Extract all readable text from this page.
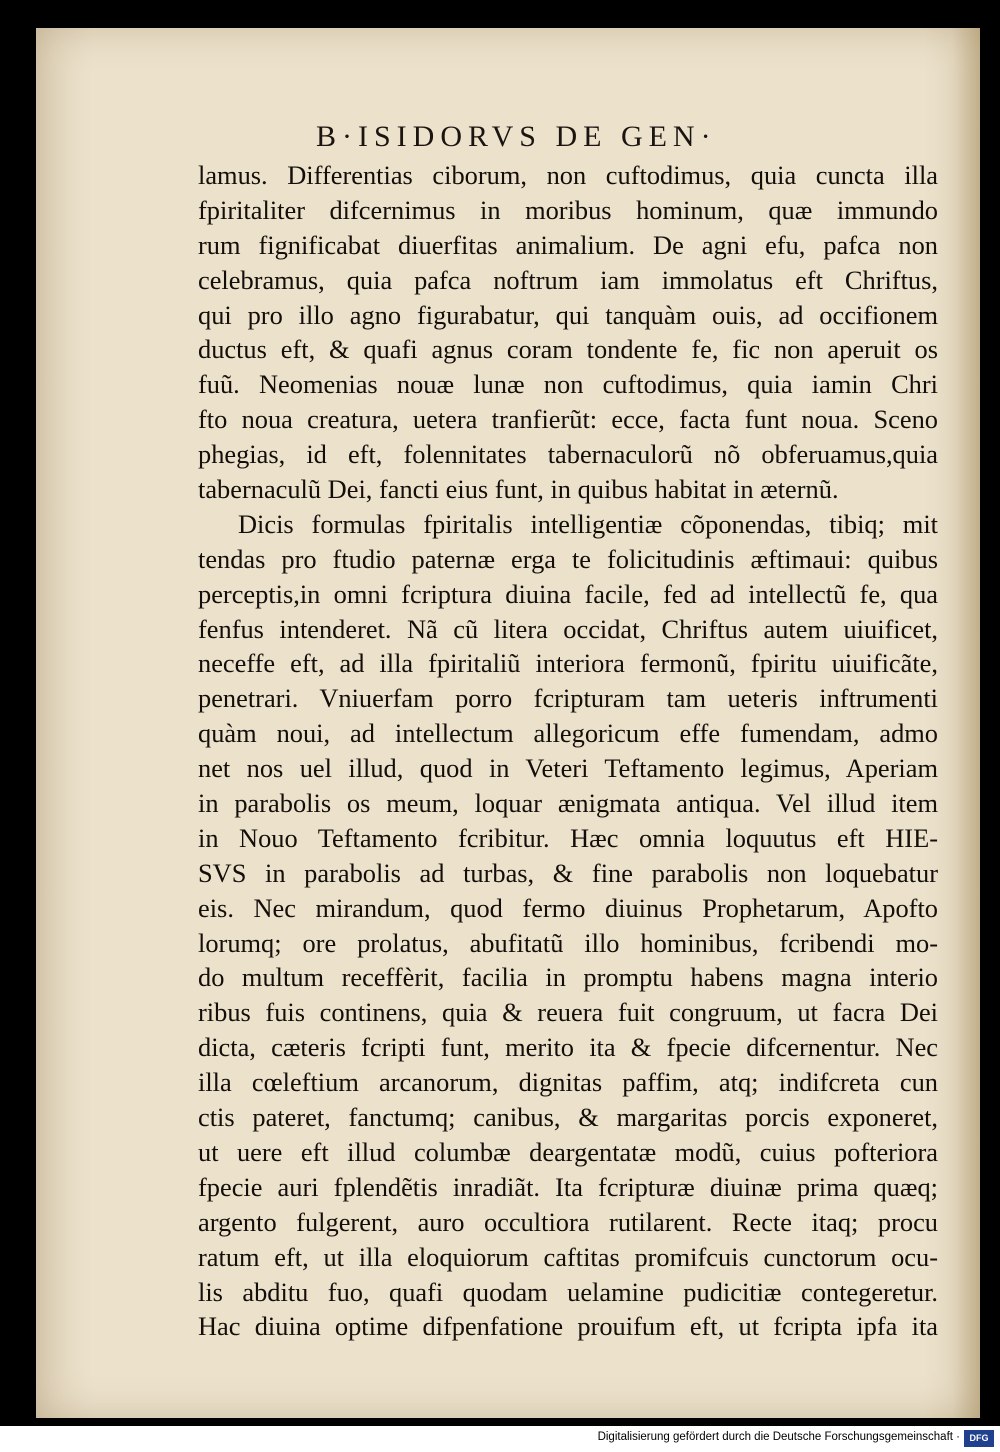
B·ISIDORVS DE GEN·
lamus. Differentias ciborum, non cuftodimus, quia cuncta illa
fpiritaliter difcernimus in moribus hominum, quæ immundo
rum fignificabat diuerfitas animalium. De agni efu, pafca non
celebramus, quia pafca noftrum iam immolatus eft Chriftus,
qui pro illo agno figurabatur, qui tanquàm ouis, ad occifionem
ductus eft, & quafi agnus coram tondente fe, fic non aperuit os
fuũ. Neomenias nouæ lunæ non cuftodimus, quia iamin Chri
fto noua creatura, uetera tranfierũt: ecce, facta funt noua. Sceno
phegias, id eft, folennitates tabernaculorũ nõ obferuamus,quia
tabernaculũ Dei, fancti eius funt, in quibus habitat in æternũ.
Dicis formulas fpiritalis intelligentiæ cõponendas, tibiq; mit
tendas pro ftudio paternæ erga te folicitudinis æftimaui: quibus
perceptis,in omni fcriptura diuina facile, fed ad intellectũ fe, qua
fenfus intenderet. Nã cũ litera occidat, Chriftus autem uiuificet,
neceffe eft, ad illa fpiritaliũ interiora fermonũ, fpiritu uiuificãte,
penetrari. Vniuerfam porro fcripturam tam ueteris inftrumenti
quàm noui, ad intellectum allegoricum effe fumendam, admo
net nos uel illud, quod in Veteri Teftamento legimus, Aperiam
in parabolis os meum, loquar ænigmata antiqua. Vel illud item
in Nouo Teftamento fcribitur. Hæc omnia loquutus eft HIE-
SVS in parabolis ad turbas, & fine parabolis non loquebatur
eis. Nec mirandum, quod fermo diuinus Prophetarum, Apofto
lorumq; ore prolatus, abufitatũ illo hominibus, fcribendi mo-
do multum receffèrit, facilia in promptu habens magna interio
ribus fuis continens, quia & reuera fuit congruum, ut facra Dei
dicta, cæteris fcripti funt, merito ita & fpecie difcernentur. Nec
illa cœleftium arcanorum, dignitas paffim, atq; indifcreta cun
ctis pateret, fanctumq; canibus, & margaritas porcis exponeret,
ut uere eft illud columbæ deargentatæ modũ, cuius pofteriora
fpecie auri fplendẽtis inradiãt. Ita fcripturæ diuinæ prima quæq;
argento fulgerent, auro occultiora rutilarent. Recte itaq; procu
ratum eft, ut illa eloquiorum caftitas promifcuis cunctorum ocu-
lis abditu fuo, quafi quodam uelamine pudicitiæ contegeretur.
Hac diuina optime difpenfatione prouifum eft, ut fcripta ipfa ita
Digitalisierung gefördert durch die Deutsche Forschungsgemeinschaft ·	DFG
